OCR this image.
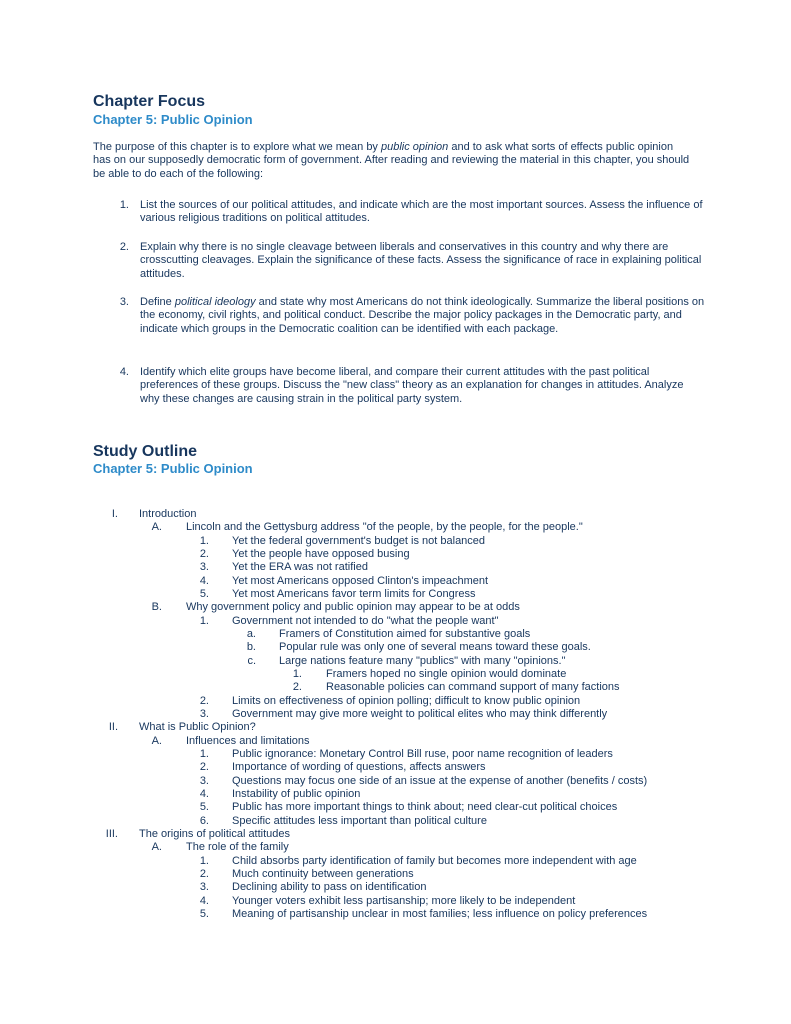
Chapter Focus
Chapter 5: Public Opinion
The purpose of this chapter is to explore what we mean by public opinion and to ask what sorts of effects public opinion has on our supposedly democratic form of government. After reading and reviewing the material in this chapter, you should be able to do each of the following:
1. List the sources of our political attitudes, and indicate which are the most important sources. Assess the influence of various religious traditions on political attitudes.
2. Explain why there is no single cleavage between liberals and conservatives in this country and why there are crosscutting cleavages. Explain the significance of these facts. Assess the significance of race in explaining political attitudes.
3. Define political ideology and state why most Americans do not think ideologically. Summarize the liberal positions on the economy, civil rights, and political conduct. Describe the major policy packages in the Democratic party, and indicate which groups in the Democratic coalition can be identified with each package.
4. Identify which elite groups have become liberal, and compare their current attitudes with the past political preferences of these groups. Discuss the "new class" theory as an explanation for changes in attitudes. Analyze why these changes are causing strain in the political party system.
Study Outline
Chapter 5: Public Opinion
I. Introduction
A. Lincoln and the Gettysburg address "of the people, by the people, for the people."
1. Yet the federal government's budget is not balanced
2. Yet the people have opposed busing
3. Yet the ERA was not ratified
4. Yet most Americans opposed Clinton's impeachment
5. Yet most Americans favor term limits for Congress
B. Why government policy and public opinion may appear to be at odds
1. Government not intended to do "what the people want"
a. Framers of Constitution aimed for substantive goals
b. Popular rule was only one of several means toward these goals.
c. Large nations feature many "publics" with many "opinions."
1. Framers hoped no single opinion would dominate
2. Reasonable policies can command support of many factions
2. Limits on effectiveness of opinion polling; difficult to know public opinion
3. Government may give more weight to political elites who may think differently
II. What is Public Opinion?
A. Influences and limitations
1. Public ignorance: Monetary Control Bill ruse, poor name recognition of leaders
2. Importance of wording of questions, affects answers
3. Questions may focus one side of an issue at the expense of another (benefits / costs)
4. Instability of public opinion
5. Public has more important things to think about; need clear-cut political choices
6. Specific attitudes less important than political culture
III. The origins of political attitudes
A. The role of the family
1. Child absorbs party identification of family but becomes more independent with age
2. Much continuity between generations
3. Declining ability to pass on identification
4. Younger voters exhibit less partisanship; more likely to be independent
5. Meaning of partisanship unclear in most families; less influence on policy preferences
